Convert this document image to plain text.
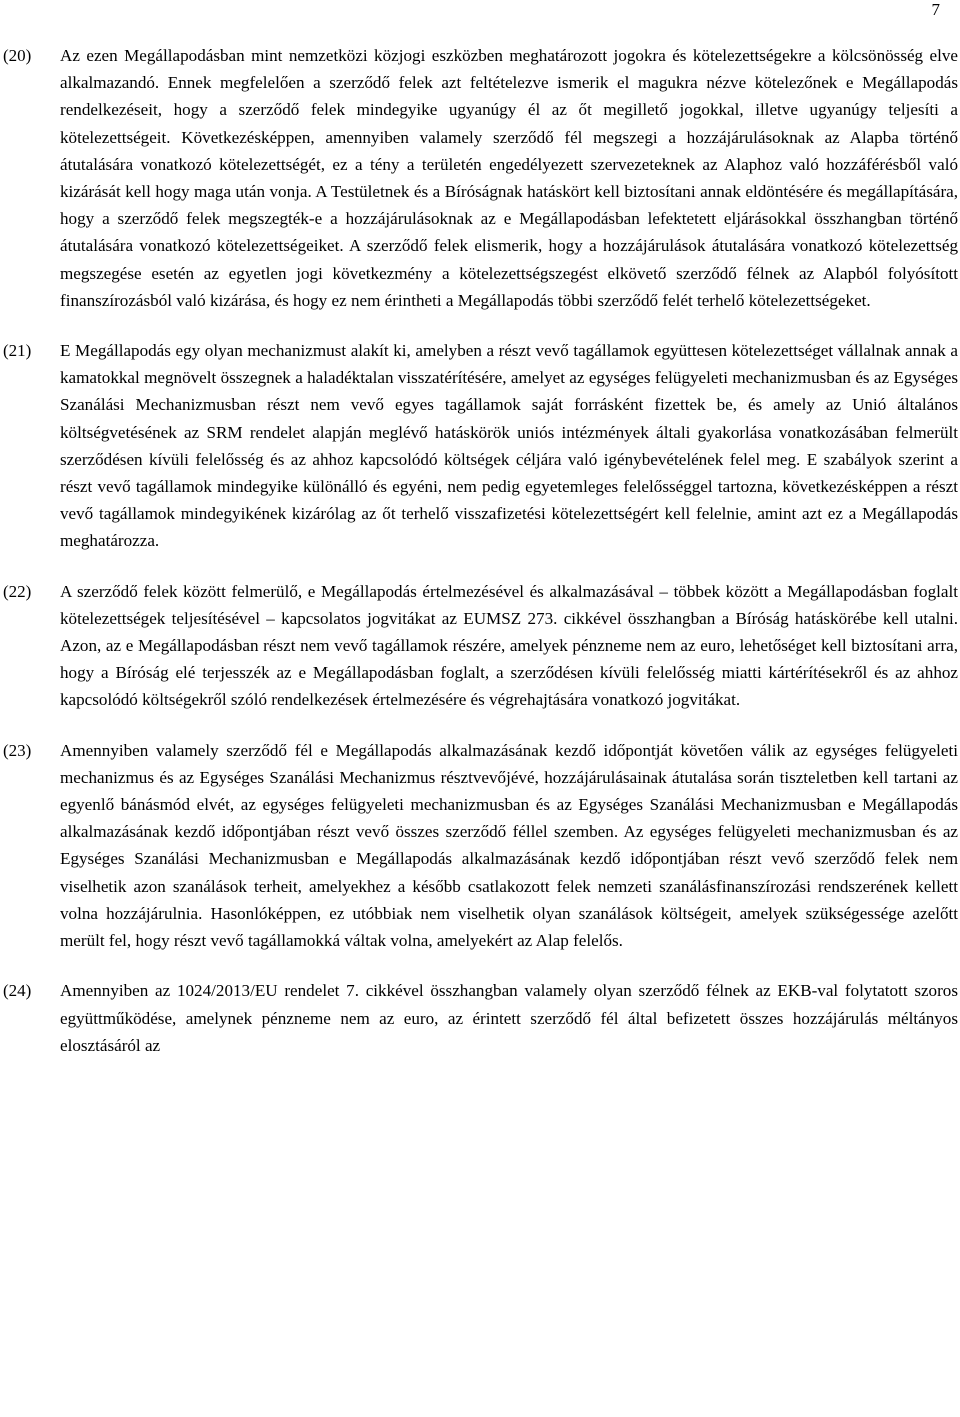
7
(20)	Az ezen Megállapodásban mint nemzetközi közjogi eszközben meghatározott jogokra és kötelezettségekre a kölcsönösség elve alkalmazandó. Ennek megfelelően a szerződő felek azt feltételezve ismerik el magukra nézve kötelezőnek e Megállapodás rendelkezéseit, hogy a szerződő felek mindegyike ugyanúgy él az őt megillető jogokkal, illetve ugyanúgy teljesíti a kötelezettségeit. Következésképpen, amennyiben valamely szerződő fél megszegi a hozzájárulásoknak az Alapba történő átutalására vonatkozó kötelezettségét, ez a tény a területén engedélyezett szervezeteknek az Alaphoz való hozzáférésből való kizárását kell hogy maga után vonja. A Testületnek és a Bíróságnak hatáskört kell biztosítani annak eldöntésére és megállapítására, hogy a szerződő felek megszegték-e a hozzájárulásoknak az e Megállapodásban lefektetett eljárásokkal összhangban történő átutalására vonatkozó kötelezettségeiket. A szerződő felek elismerik, hogy a hozzájárulások átutalására vonatkozó kötelezettség megszegése esetén az egyetlen jogi következmény a kötelezettségszegést elkövető szerződő félnek az Alapból folyósított finanszírozásból való kizárása, és hogy ez nem érintheti a Megállapodás többi szerződő felét terhelő kötelezettségeket.
(21)	E Megállapodás egy olyan mechanizmust alakít ki, amelyben a részt vevő tagállamok együttesen kötelezettséget vállalnak annak a kamatokkal megnövelt összegnek a haladéktalan visszatérítésére, amelyet az egységes felügyeleti mechanizmusban és az Egységes Szanálási Mechanizmusban részt nem vevő egyes tagállamok saját forrásként fizettek be, és amely az Unió általános költségvetésének az SRM rendelet alapján meglévő hatáskörök uniós intézmények általi gyakorlása vonatkozásában felmerült szerződésen kívüli felelősség és az ahhoz kapcsolódó költségek céljára való igénybevételének felel meg. E szabályok szerint a részt vevő tagállamok mindegyike különálló és egyéni, nem pedig egyetemleges felelősséggel tartozna, következésképpen a részt vevő tagállamok mindegyikének kizárólag az őt terhelő visszafizetési kötelezettségért kell felelnie, amint azt ez a Megállapodás meghatározza.
(22)	A szerződő felek között felmerülő, e Megállapodás értelmezésével és alkalmazásával – többek között a Megállapodásban foglalt kötelezettségek teljesítésével – kapcsolatos jogvitákat az EUMSZ 273. cikkével összhangban a Bíróság hatáskörébe kell utalni. Azon, az e Megállapodásban részt nem vevő tagállamok részére, amelyek pénzneme nem az euro, lehetőséget kell biztosítani arra, hogy a Bíróság elé terjesszék az e Megállapodásban foglalt, a szerződésen kívüli felelősség miatti kártérítésekről és az ahhoz kapcsolódó költségekről szóló rendelkezések értelmezésére és végrehajtására vonatkozó jogvitákat.
(23)	Amennyiben valamely szerződő fél e Megállapodás alkalmazásának kezdő időpontját követően válik az egységes felügyeleti mechanizmus és az Egységes Szanálási Mechanizmus résztvevőjévé, hozzájárulásainak átutalása során tiszteletben kell tartani az egyenlő bánásmód elvét, az egységes felügyeleti mechanizmusban és az Egységes Szanálási Mechanizmusban e Megállapodás alkalmazásának kezdő időpontjában részt vevő összes szerződő féllel szemben. Az egységes felügyeleti mechanizmusban és az Egységes Szanálási Mechanizmusban e Megállapodás alkalmazásának kezdő időpontjában részt vevő szerződő felek nem viselhetik azon szanálások terheit, amelyekhez a később csatlakozott felek nemzeti szanálásfinanszírozási rendszerének kellett volna hozzájárulnia. Hasonlóképpen, ez utóbbiak nem viselhetik olyan szanálások költségeit, amelyek szükségessége azelőtt merült fel, hogy részt vevő tagállamokká váltak volna, amelyekért az Alap felelős.
(24)	Amennyiben az 1024/2013/EU rendelet 7. cikkével összhangban valamely olyan szerződő félnek az EKB-val folytatott szoros együttműködése, amelynek pénzneme nem az euro, az érintett szerződő fél által befizetett összes hozzájárulás méltányos elosztásáról az
